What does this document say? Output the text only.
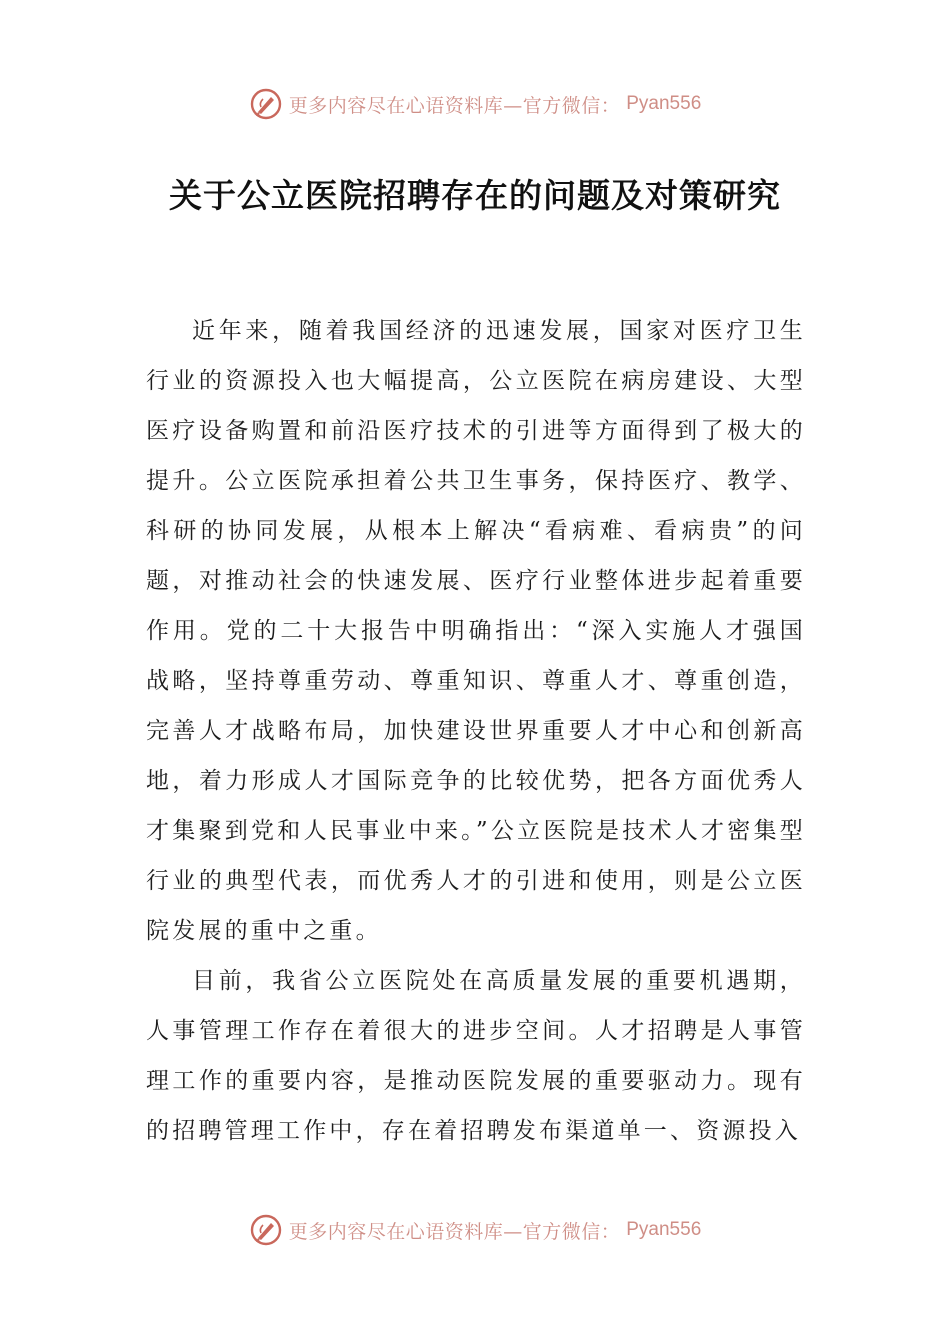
更多内容尽在心语资料库—官方微信： Pyan556
关于公立医院招聘存在的问题及对策研究

近年来，随着我国经济的迅速发展，国家对医疗卫生行业的资源投入也大幅提高，公立医院在病房建设、大型医疗设备购置和前沿医疗技术的引进等方面得到了极大的提升。公立医院承担着公共卫生事务，保持医疗、教学、科研的协同发展，从根本上解决“看病难、看病贵”的问题，对推动社会的快速发展、医疗行业整体进步起着重要作用。党的二十大报告中明确指出：“深入实施人才强国战略，坚持尊重劳动、尊重知识、尊重人才、尊重创造，完善人才战略布局，加快建设世界重要人才中心和创新高地，着力形成人才国际竞争的比较优势，把各方面优秀人才集聚到党和人民事业中来。”公立医院是技术人才密集型行业的典型代表，而优秀人才的引进和使用，则是公立医院发展的重中之重。

目前，我省公立医院处在高质量发展的重要机遇期，人事管理工作存在着很大的进步空间。人才招聘是人事管理工作的重要内容，是推动医院发展的重要驱动力。现有的招聘管理工作中，存在着招聘发布渠道单一、资源投入

更多内容尽在心语资料库—官方微信： Pyan556
